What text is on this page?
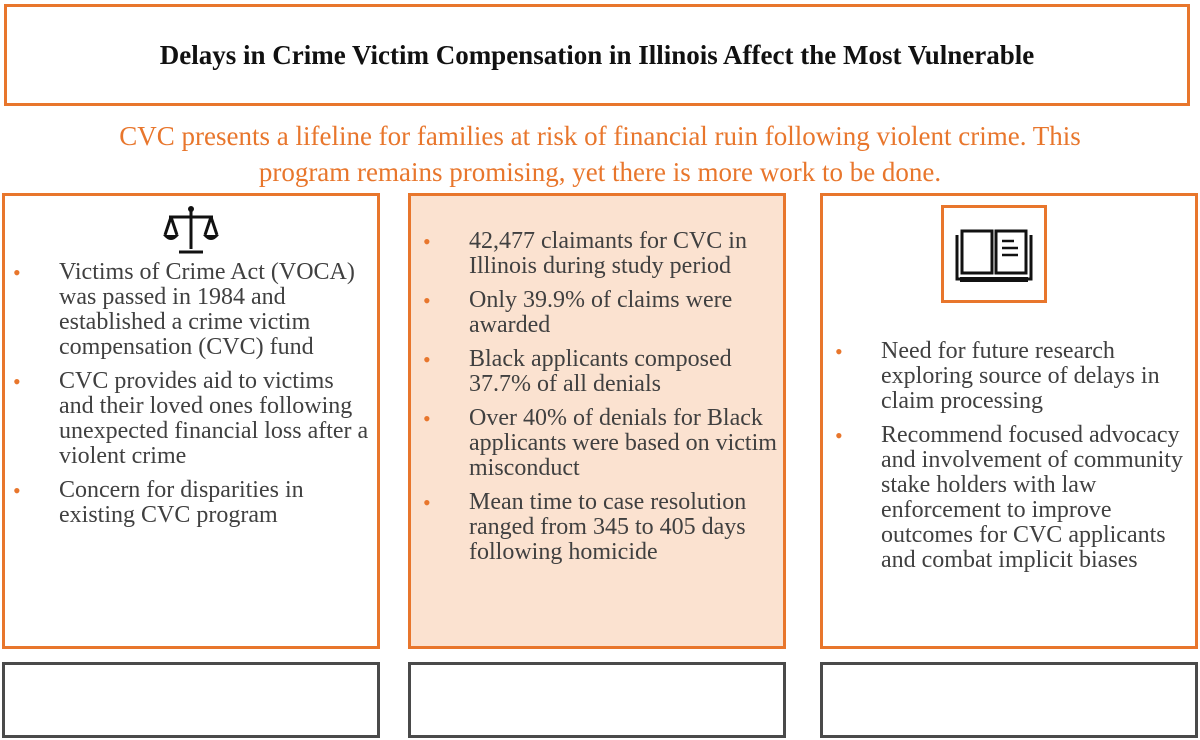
Delays in Crime Victim Compensation in Illinois Affect the Most Vulnerable
CVC presents a lifeline for families at risk of financial ruin following violent crime. This
program remains promising, yet there is more work to be done.
• Victims of Crime Act (VOCA) was passed in 1984 and established a crime victim compensation (CVC) fund
• CVC provides aid to victims and their loved ones following unexpected financial loss after a violent crime
• Concern for disparities in existing CVC program
• 42,477 claimants for CVC in Illinois during study period
• Only 39.9% of claims were awarded
• Black applicants composed 37.7% of all denials
• Over 40% of denials for Black applicants were based on victim misconduct
• Mean time to case resolution ranged from 345 to 405 days following homicide
• Need for future research exploring source of delays in claim processing
• Recommend focused advocacy and involvement of community stake holders with law enforcement to improve outcomes for CVC applicants and combat implicit biases
